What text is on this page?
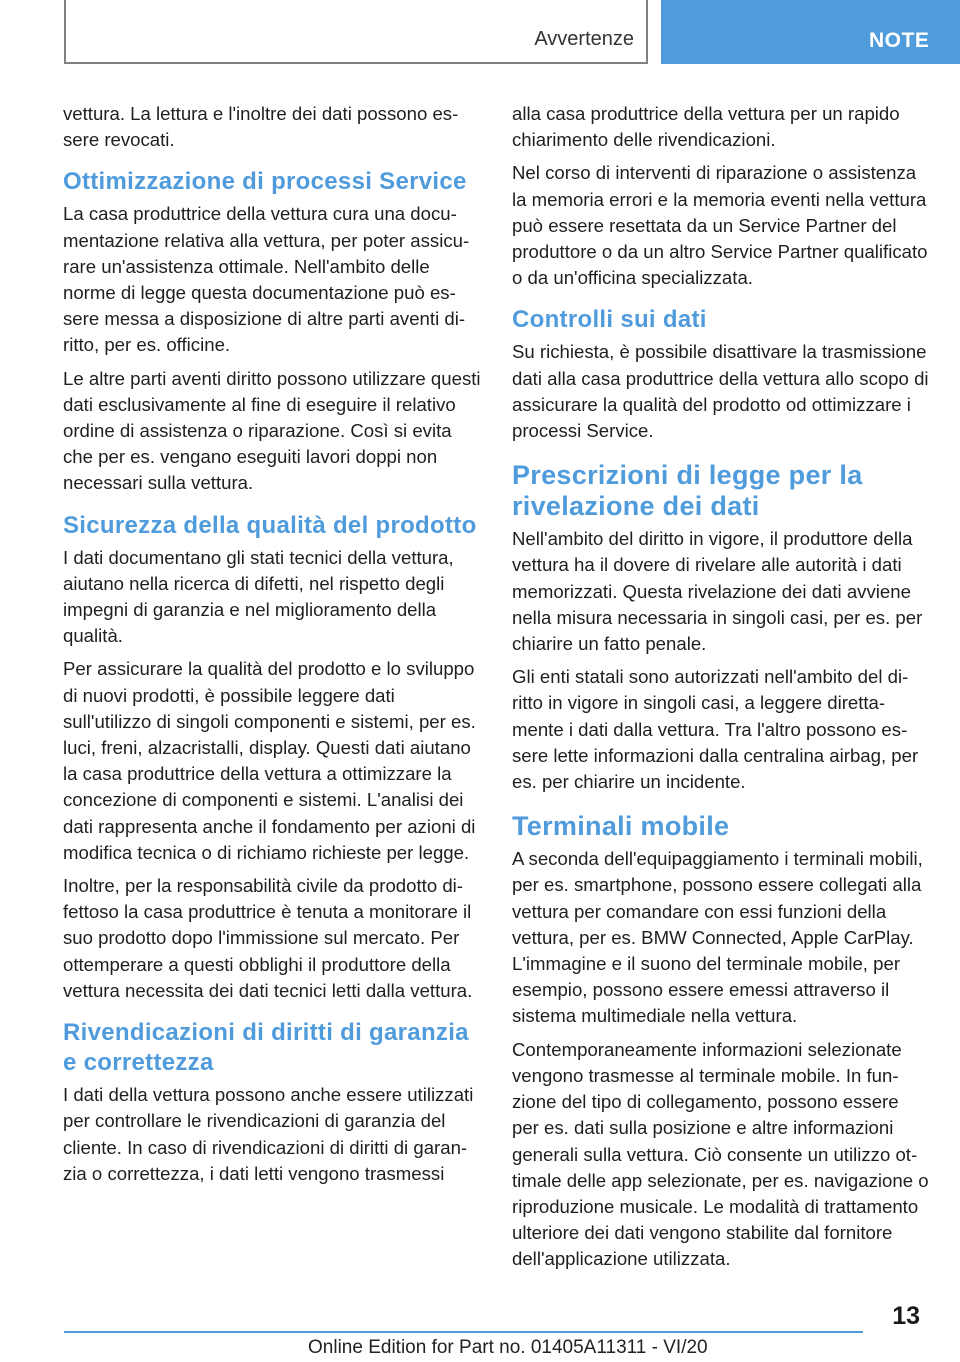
Avvertenze	NOTE

vettura. La lettura e l'inoltre dei dati possono essere revocati.

Ottimizzazione di processi Service

La casa produttrice della vettura cura una documentazione relativa alla vettura, per poter assicurare un'assistenza ottimale. Nell'ambito delle norme di legge questa documentazione può essere messa a disposizione di altre parti aventi diritto, per es. officine.

Le altre parti aventi diritto possono utilizzare questi dati esclusivamente al fine di eseguire il relativo ordine di assistenza o riparazione. Così si evita che per es. vengano eseguiti lavori doppi non necessari sulla vettura.

Sicurezza della qualità del prodotto

I dati documentano gli stati tecnici della vettura, aiutano nella ricerca di difetti, nel rispetto degli impegni di garanzia e nel miglioramento della qualità.

Per assicurare la qualità del prodotto e lo sviluppo di nuovi prodotti, è possibile leggere dati sull'utilizzo di singoli componenti e sistemi, per es. luci, freni, alzacristalli, display. Questi dati aiutano la casa produttrice della vettura a ottimizzare la concezione di componenti e sistemi. L'analisi dei dati rappresenta anche il fondamento per azioni di modifica tecnica o di richiamo richieste per legge.

Inoltre, per la responsabilità civile da prodotto difettoso la casa produttrice è tenuta a monitorare il suo prodotto dopo l'immissione sul mercato. Per ottemperare a questi obblighi il produttore della vettura necessita dei dati tecnici letti dalla vettura.

Rivendicazioni di diritti di garanzia e correttezza

I dati della vettura possono anche essere utilizzati per controllare le rivendicazioni di garanzia del cliente. In caso di rivendicazioni di diritti di garanzia o correttezza, i dati letti vengono trasmessi

alla casa produttrice della vettura per un rapido chiarimento delle rivendicazioni.

Nel corso di interventi di riparazione o assistenza la memoria errori e la memoria eventi nella vettura può essere resettata da un Service Partner del produttore o da un altro Service Partner qualificato o da un'officina specializzata.

Controlli sui dati

Su richiesta, è possibile disattivare la trasmissione dati alla casa produttrice della vettura allo scopo di assicurare la qualità del prodotto od ottimizzare i processi Service.

Prescrizioni di legge per la rivelazione dei dati

Nell'ambito del diritto in vigore, il produttore della vettura ha il dovere di rivelare alle autorità i dati memorizzati. Questa rivelazione dei dati avviene nella misura necessaria in singoli casi, per es. per chiarire un fatto penale.

Gli enti statali sono autorizzati nell'ambito del diritto in vigore in singoli casi, a leggere direttamente i dati dalla vettura. Tra l'altro possono essere lette informazioni dalla centralina airbag, per es. per chiarire un incidente.

Terminali mobile

A seconda dell'equipaggiamento i terminali mobili, per es. smartphone, possono essere collegati alla vettura per comandare con essi funzioni della vettura, per es. BMW Connected, Apple CarPlay. L'immagine e il suono del terminale mobile, per esempio, possono essere emessi attraverso il sistema multimediale nella vettura.

Contemporaneamente informazioni selezionate vengono trasmesse al terminale mobile. In funzione del tipo di collegamento, possono essere per es. dati sulla posizione e altre informazioni generali sulla vettura. Ciò consente un utilizzo ottimale delle app selezionate, per es. navigazione o riproduzione musicale. Le modalità di trattamento ulteriore dei dati vengono stabilite dal fornitore dell'applicazione utilizzata.

13
Online Edition for Part no. 01405A11311 - VI/20
